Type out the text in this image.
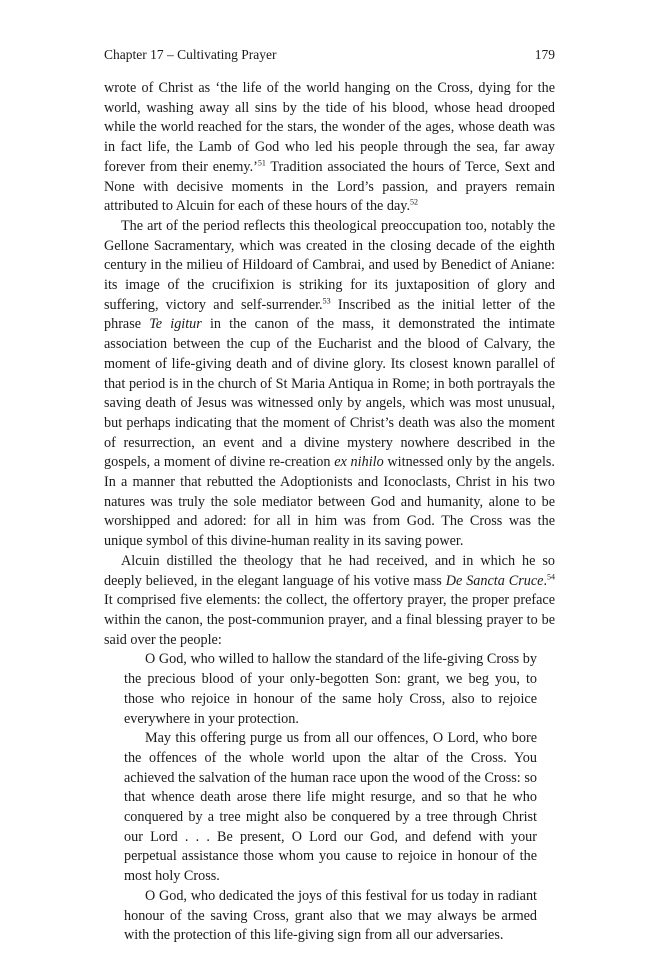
Chapter 17 – Cultivating Prayer	179

wrote of Christ as ‘the life of the world hanging on the Cross, dying for the world, washing away all sins by the tide of his blood, whose head drooped while the world reached for the stars, the wonder of the ages, whose death was in fact life, the Lamb of God who led his people through the sea, far away forever from their enemy.’$^{51}$ Tradition associated the hours of Terce, Sext and None with decisive moments in the Lord’s passion, and prayers remain attributed to Alcuin for each of these hours of the day.$^{52}$

The art of the period reflects this theological preoccupation too, notably the Gellone Sacramentary, which was created in the closing decade of the eighth century in the milieu of Hildoard of Cambrai, and used by Benedict of Aniane: its image of the crucifixion is striking for its juxtaposition of glory and suffering, victory and self-surrender.$^{53}$ Inscribed as the initial letter of the phrase Te igitur in the canon of the mass, it demonstrated the intimate association between the cup of the Eucharist and the blood of Calvary, the moment of life-giving death and of divine glory. Its closest known parallel of that period is in the church of St Maria Antiqua in Rome; in both portrayals the saving death of Jesus was witnessed only by angels, which was most unusual, but perhaps indicating that the moment of Christ’s death was also the moment of resurrection, an event and a divine mystery nowhere described in the gospels, a moment of divine re-creation ex nihilo witnessed only by the angels. In a manner that rebutted the Adoptionists and Iconoclasts, Christ in his two natures was truly the sole mediator between God and humanity, alone to be worshipped and adored: for all in him was from God. The Cross was the unique symbol of this divine-human reality in its saving power.

Alcuin distilled the theology that he had received, and in which he so deeply believed, in the elegant language of his votive mass De Sancta Cruce.$^{54}$ It comprised five elements: the collect, the offertory prayer, the proper preface within the canon, the post-communion prayer, and a final blessing prayer to be said over the people:

O God, who willed to hallow the standard of the life-giving Cross by the precious blood of your only-begotten Son: grant, we beg you, to those who rejoice in honour of the same holy Cross, also to rejoice everywhere in your protection.

May this offering purge us from all our offences, O Lord, who bore the offences of the whole world upon the altar of the Cross. You achieved the salvation of the human race upon the wood of the Cross: so that whence death arose there life might resurge, and so that he who conquered by a tree might also be conquered by a tree through Christ our Lord . . . Be present, O Lord our God, and defend with your perpetual assistance those whom you cause to rejoice in honour of the most holy Cross.

O God, who dedicated the joys of this festival for us today in radiant honour of the saving Cross, grant also that we may always be armed with the protection of this life-giving sign from all our adversaries.
